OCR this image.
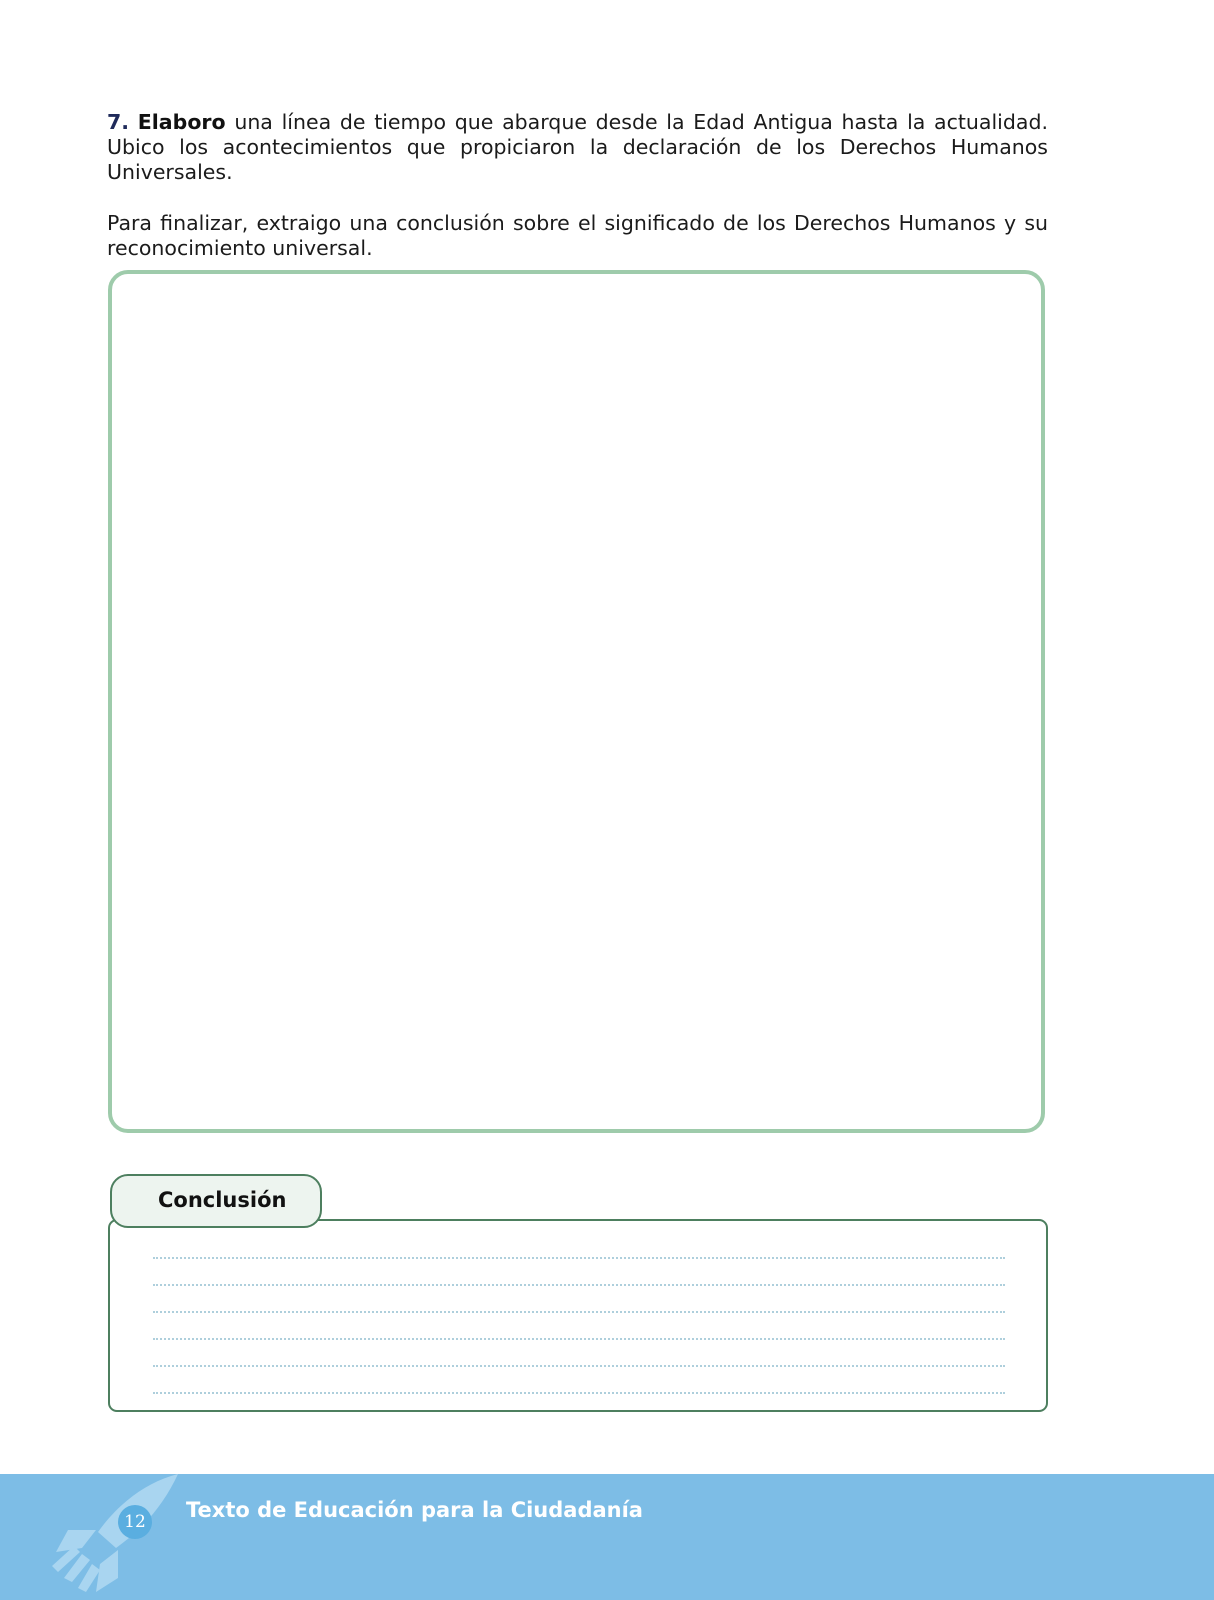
7. Elaboro una línea de tiempo que abarque desde la Edad Antigua hasta la actualidad. Ubico los acontecimientos que propiciaron la declaración de los Derechos Humanos Universales.

Para finalizar, extraigo una conclusión sobre el significado de los Derechos Humanos y su reconocimiento universal.

Conclusión
12 Texto de Educación para la Ciudadanía
